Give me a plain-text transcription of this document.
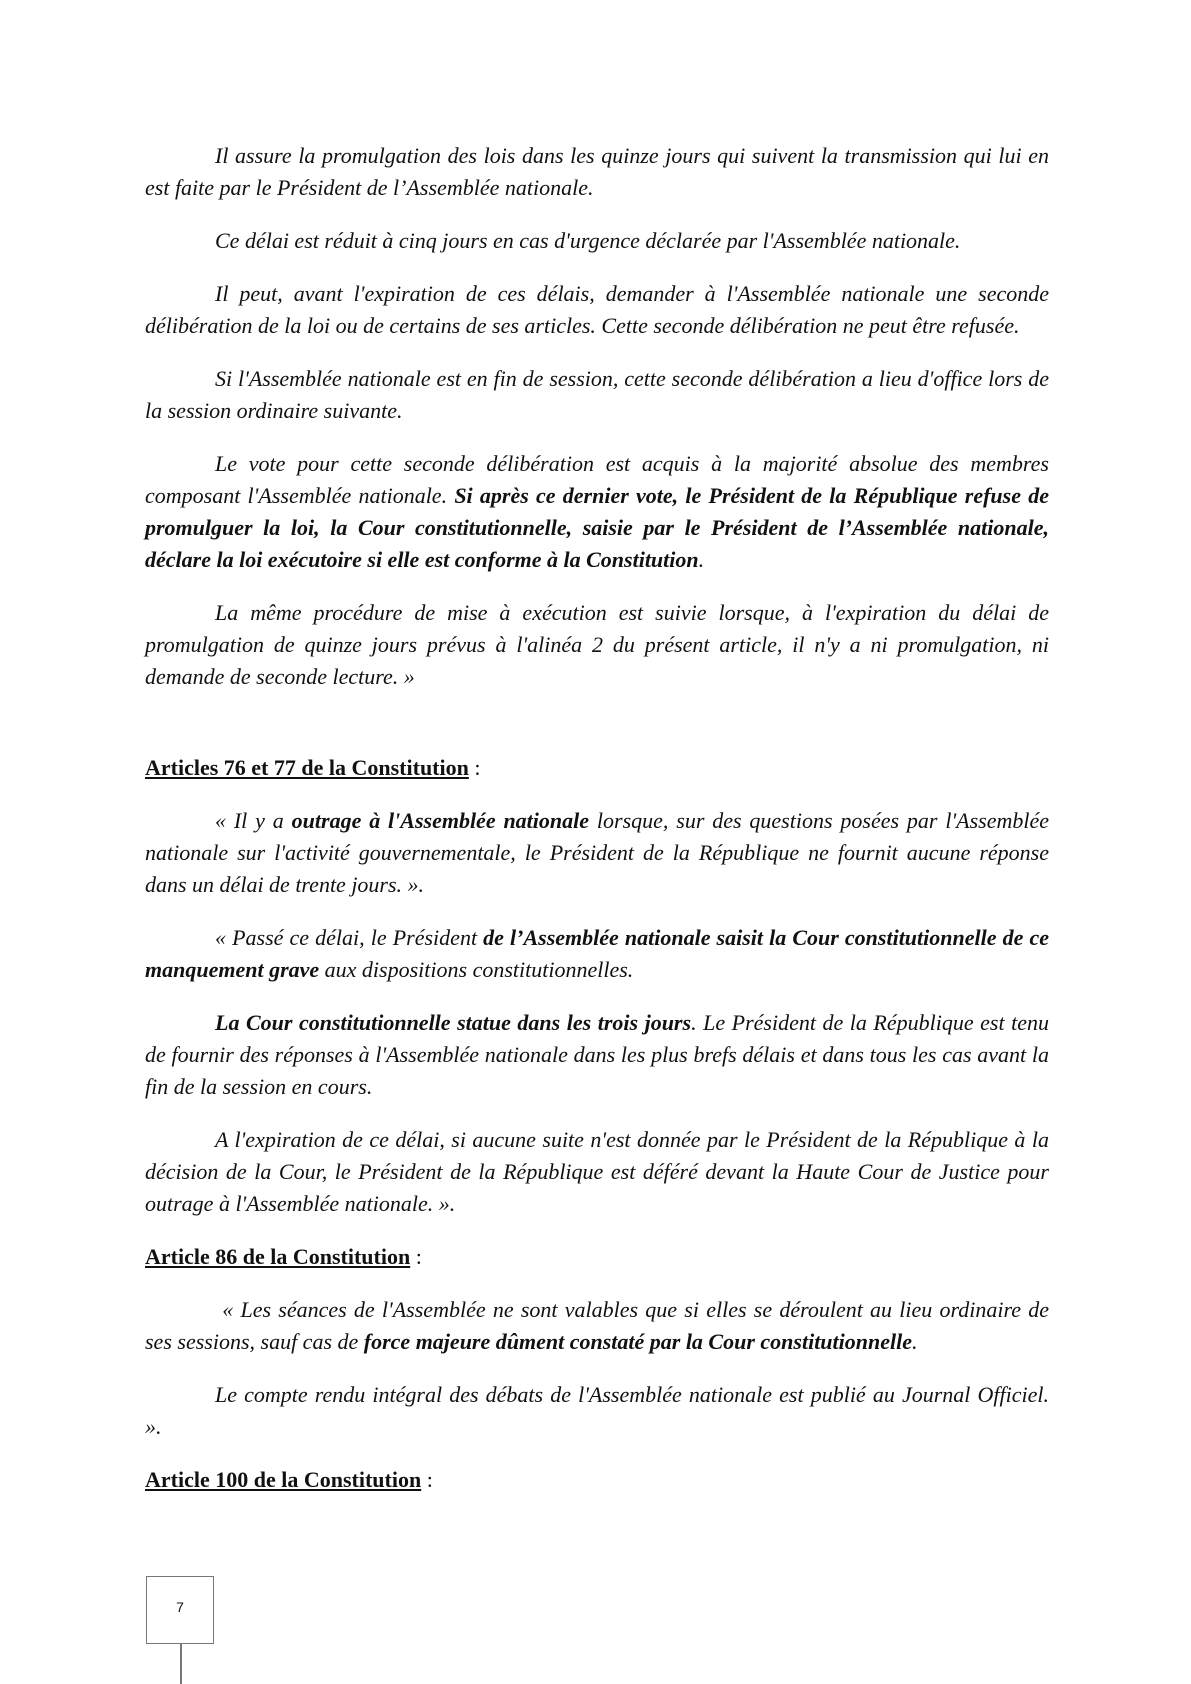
Il assure la promulgation des lois dans les quinze jours qui suivent la transmission qui lui en est faite par le Président de l’Assemblée nationale.

Ce délai est réduit à cinq jours en cas d'urgence déclarée par l'Assemblée nationale.

Il peut, avant l'expiration de ces délais, demander à l'Assemblée nationale une seconde délibération de la loi ou de certains de ses articles. Cette seconde délibération ne peut être refusée.

Si l'Assemblée nationale est en fin de session, cette seconde délibération a lieu d'office lors de la session ordinaire suivante.

Le vote pour cette seconde délibération est acquis à la majorité absolue des membres composant l'Assemblée nationale. Si après ce dernier vote, le Président de la République refuse de promulguer la loi, la Cour constitutionnelle, saisie par le Président de l’Assemblée nationale, déclare la loi exécutoire si elle est conforme à la Constitution.

La même procédure de mise à exécution est suivie lorsque, à l'expiration du délai de promulgation de quinze jours prévus à l'alinéa 2 du présent article, il n'y a ni promulgation, ni demande de seconde lecture. »

Articles 76 et 77 de la Constitution :

« Il y a outrage à l'Assemblée nationale lorsque, sur des questions posées par l'Assemblée nationale sur l'activité gouvernementale, le Président de la République ne fournit aucune réponse dans un délai de trente jours. ».

« Passé ce délai, le Président de l’Assemblée nationale saisit la Cour constitutionnelle de ce manquement grave aux dispositions constitutionnelles.

La Cour constitutionnelle statue dans les trois jours. Le Président de la République est tenu de fournir des réponses à l'Assemblée nationale dans les plus brefs délais et dans tous les cas avant la fin de la session en cours.

A l'expiration de ce délai, si aucune suite n'est donnée par le Président de la République à la décision de la Cour, le Président de la République est déféré devant la Haute Cour de Justice pour outrage à l'Assemblée nationale. ».

Article 86 de la Constitution :

« Les séances de l'Assemblée ne sont valables que si elles se déroulent au lieu ordinaire de ses sessions, sauf cas de force majeure dûment constaté par la Cour constitutionnelle.

Le compte rendu intégral des débats de l'Assemblée nationale est publié au Journal Officiel. ».

Article 100 de la Constitution :

7
